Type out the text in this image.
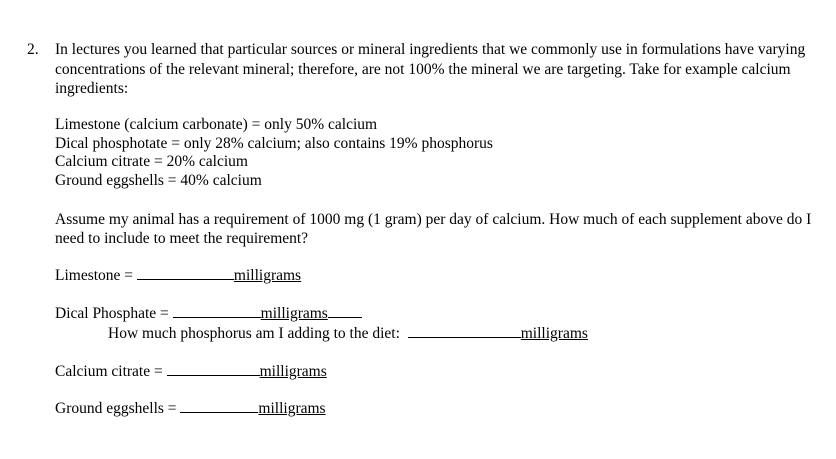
2. In lectures you learned that particular sources or mineral ingredients that we commonly use in formulations have varying concentrations of the relevant mineral; therefore, are not 100% the mineral we are targeting. Take for example calcium ingredients:

Limestone (calcium carbonate) = only 50% calcium
Dical phosphotate = only 28% calcium; also contains 19% phosphorus
Calcium citrate = 20% calcium
Ground eggshells = 40% calcium

Assume my animal has a requirement of 1000 mg (1 gram) per day of calcium. How much of each supplement above do I need to include to meet the requirement?

Limestone =	milligrams
Dical Phosphate =	milligrams
How much phosphorus am I adding to the diet:	milligrams
Calcium citrate =	milligrams
Ground eggshells =	milligrams
